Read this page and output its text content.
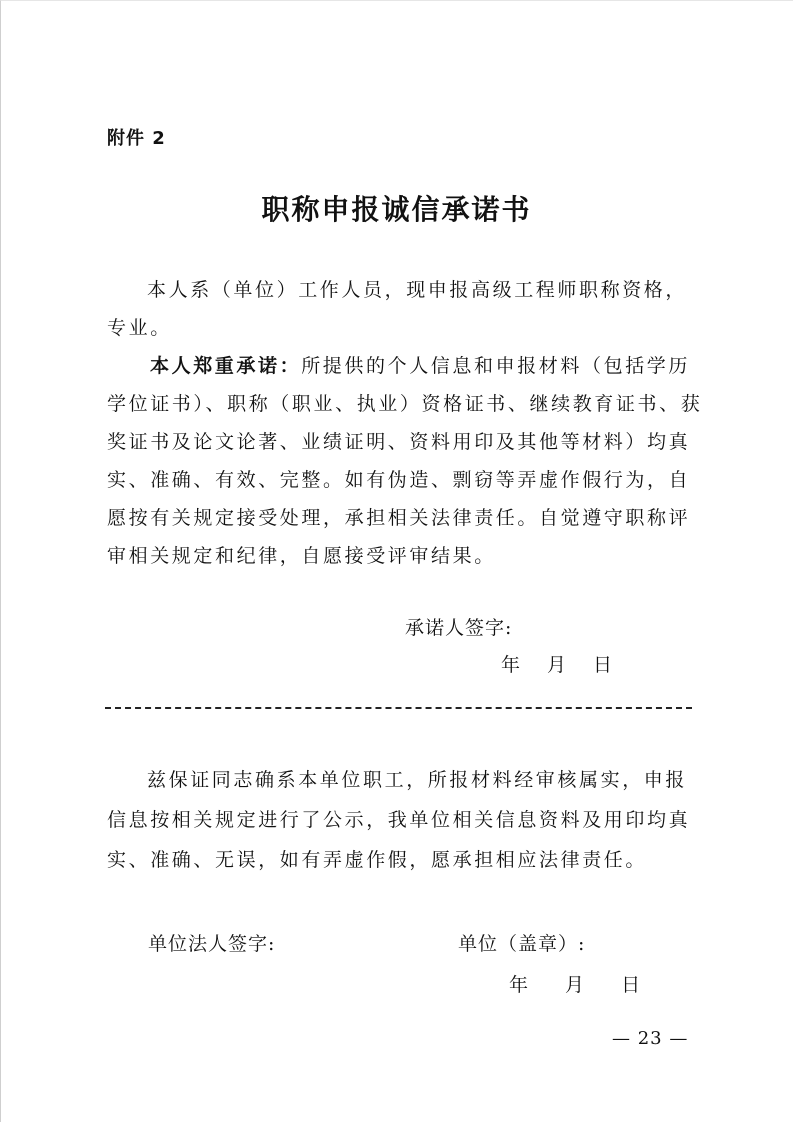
附件 2
职称申报诚信承诺书
本人系（单位）工作人员，现申报高级工程师职称资格，
专业。
本人郑重承诺：所提供的个人信息和申报材料（包括学历
学位证书）、职称（职业、执业）资格证书、继续教育证书、获
奖证书及论文论著、业绩证明、资料用印及其他等材料）均真
实、准确、有效、完整。如有伪造、剽窃等弄虚作假行为，自
愿按有关规定接受处理，承担相关法律责任。自觉遵守职称评
审相关规定和纪律，自愿接受评审结果。
承诺人签字:
年　月　日
兹保证同志确系本单位职工，所报材料经审核属实，申报
信息按相关规定进行了公示，我单位相关信息资料及用印均真
实、准确、无误，如有弄虚作假，愿承担相应法律责任。
单位法人签字:	单位（盖章）:
年　 月　 日
— 23 —
